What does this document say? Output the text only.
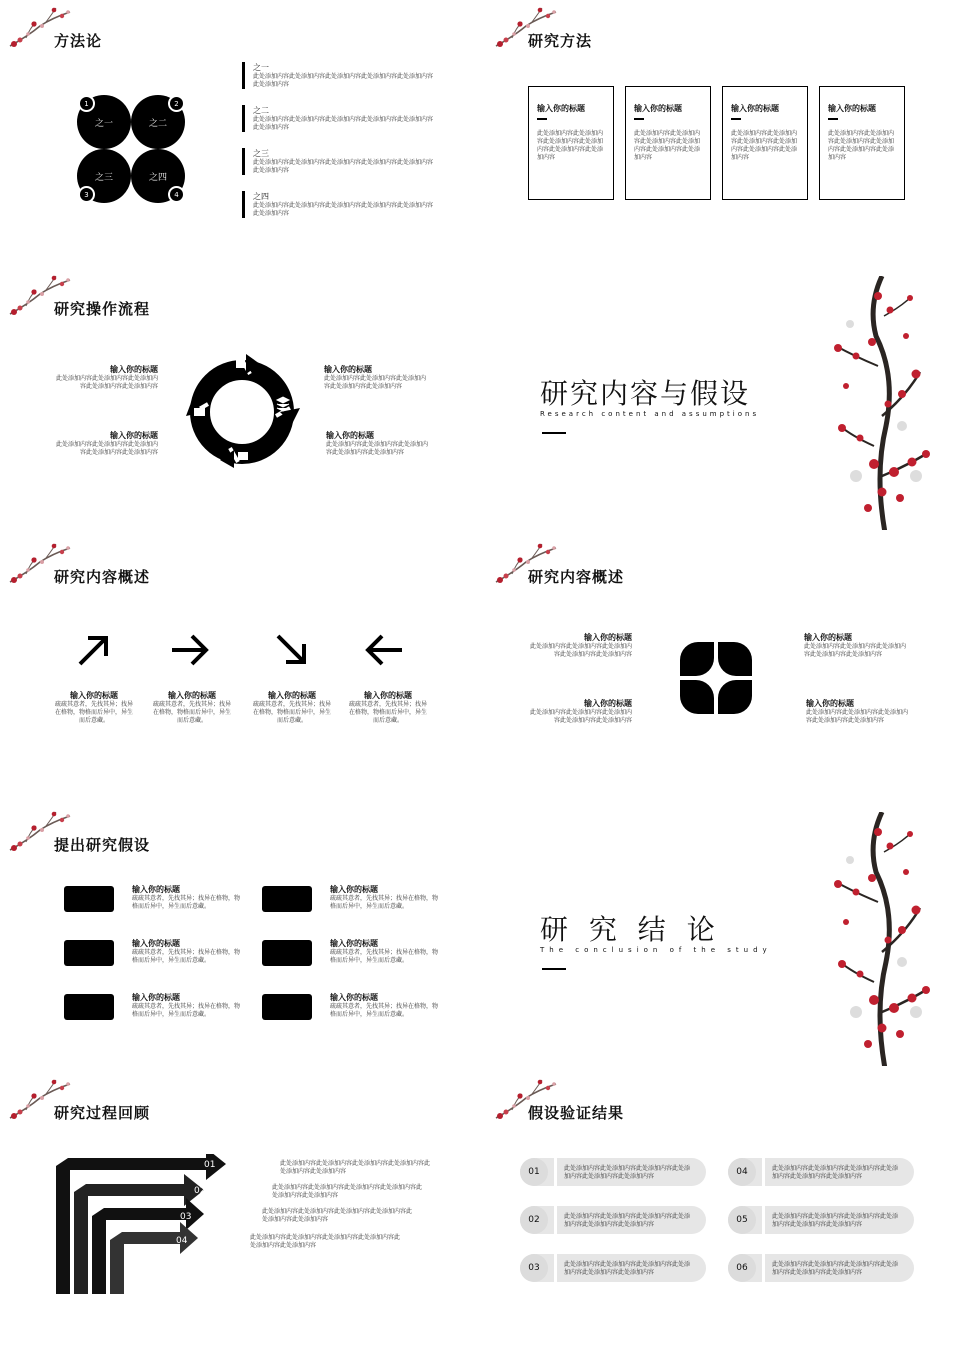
方法论
之一	之二
之三	之四
1	2
3	4
之一
此处添加内容此处添加内容此处添加内容此处添加内容此处添加内容此处添加内容
之二
此处添加内容此处添加内容此处添加内容此处添加内容此处添加内容此处添加内容
之三
此处添加内容此处添加内容此处添加内容此处添加内容此处添加内容此处添加内容
之四
此处添加内容此处添加内容此处添加内容此处添加内容此处添加内容此处添加内容
研究方法
输入你的标题
此处添加内容此处添加内容此处添加内容此处添加内容此处添加内容此处添加内容
输入你的标题
此处添加内容此处添加内容此处添加内容此处添加内容此处添加内容此处添加内容
输入你的标题
此处添加内容此处添加内容此处添加内容此处添加内容此处添加内容此处添加内容
输入你的标题
此处添加内容此处添加内容此处添加内容此处添加内容此处添加内容此处添加内容
研究操作流程
输入你的标题
此处添加内容此处添加内容此处添加内容此处添加内容此处添加内容
输入你的标题
此处添加内容此处添加内容此处添加内容此处添加内容此处添加内容
输入你的标题
此处添加内容此处添加内容此处添加内容此处添加内容此处添加内容
输入你的标题
此处添加内容此处添加内容此处添加内容此处添加内容此处添加内容
研究内容与假设
Research content and assumptions
研究内容概述
输入你的标题
疏疏其意者，先找其异；找异在格物，物格而后异中，异生而后意藏。
输入你的标题
疏疏其意者，先找其异；找异在格物，物格而后异中，异生而后意藏。
输入你的标题
疏疏其意者，先找其异；找异在格物，物格而后异中，异生而后意藏。
输入你的标题
疏疏其意者，先找其异；找异在格物，物格而后异中，异生而后意藏。
研究内容概述
输入你的标题
此处添加内容此处添加内容此处添加内容此处添加内容此处添加内容
输入你的标题
此处添加内容此处添加内容此处添加内容此处添加内容此处添加内容
输入你的标题
此处添加内容此处添加内容此处添加内容此处添加内容此处添加内容
输入你的标题
此处添加内容此处添加内容此处添加内容此处添加内容此处添加内容
提出研究假设
输入你的标题
疏疏其意者，先找其异；找异在格物，物格而后异中，异生而后意藏。
输入你的标题
疏疏其意者，先找其异；找异在格物，物格而后异中，异生而后意藏。
输入你的标题
疏疏其意者，先找其异；找异在格物，物格而后异中，异生而后意藏。
输入你的标题
疏疏其意者，先找其异；找异在格物，物格而后异中，异生而后意藏。
输入你的标题
疏疏其意者，先找其异；找异在格物，物格而后异中，异生而后意藏。
输入你的标题
疏疏其意者，先找其异；找异在格物，物格而后异中，异生而后意藏。
研 究 结 论
The conclusion of the study
研究过程回顾
01
02
03
04
此处添加内容此处添加内容此处添加内容此处添加内容此处添加内容此处添加内容
此处添加内容此处添加内容此处添加内容此处添加内容此处添加内容此处添加内容
此处添加内容此处添加内容此处添加内容此处添加内容此处添加内容此处添加内容
此处添加内容此处添加内容此处添加内容此处添加内容此处添加内容此处添加内容
假设验证结果
01	此处添加内容此处添加内容此处添加内容此处添加内容此处添加内容此处添加内容
02	此处添加内容此处添加内容此处添加内容此处添加内容此处添加内容此处添加内容
03	此处添加内容此处添加内容此处添加内容此处添加内容此处添加内容此处添加内容
04	此处添加内容此处添加内容此处添加内容此处添加内容此处添加内容此处添加内容
05	此处添加内容此处添加内容此处添加内容此处添加内容此处添加内容此处添加内容
06	此处添加内容此处添加内容此处添加内容此处添加内容此处添加内容此处添加内容
